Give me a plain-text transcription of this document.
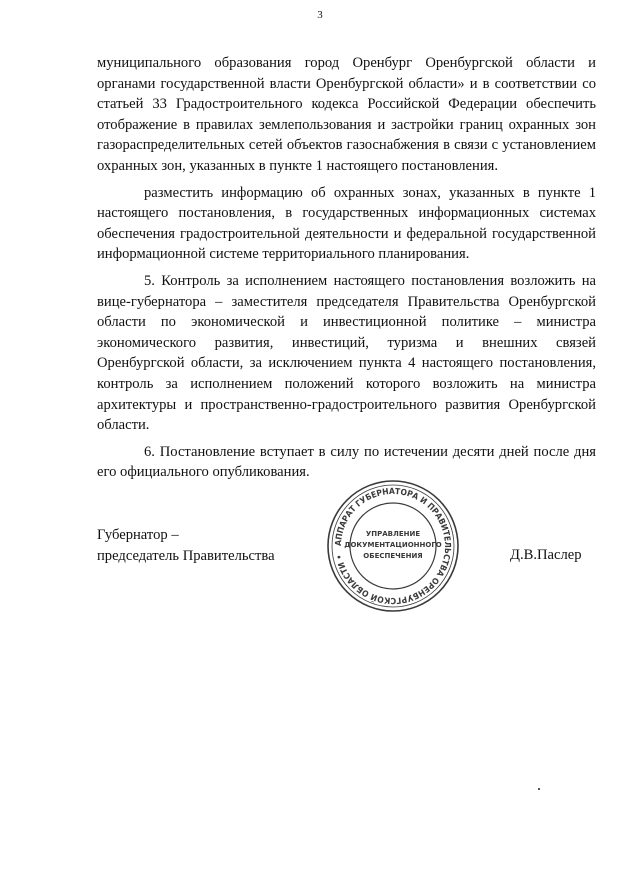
3

муниципального образования город Оренбург Оренбургской области и органами государственной власти Оренбургской области» и в соответствии со статьей 33 Градостроительного кодекса Российской Федерации обеспечить отображение в правилах землепользования и застройки границ охранных зон газораспределительных сетей объектов газоснабжения в связи с установлением охранных зон, указанных в пункте 1 настоящего постановления.

разместить информацию об охранных зонах, указанных в пункте 1 настоящего постановления, в государственных информационных системах обеспечения градостроительной деятельности и федеральной государственной информационной системе территориального планирования.

5. Контроль за исполнением настоящего постановления возложить на вице-губернатора – заместителя председателя Правительства Оренбургской области по экономической и инвестиционной политике – министра экономического развития, инвестиций, туризма и внешних связей Оренбургской области, за исключением пункта 4 настоящего постановления, контроль за исполнением положений которого возложить на министра архитектуры и пространственно-градостроительного развития Оренбургской области.

6. Постановление вступает в силу по истечении десяти дней после дня его официального опубликования.

Губернатор –
председатель Правительства
АППАРАТ ГУБЕРНАТОРА И ПРАВИТЕЛЬСТВА ОРЕНБУРГСКОЙ ОБЛАСТИ •
УПРАВЛЕНИЕ
ДОКУМЕНТАЦИОННОГО
ОБЕСПЕЧЕНИЯ	Д.В.Паслер
